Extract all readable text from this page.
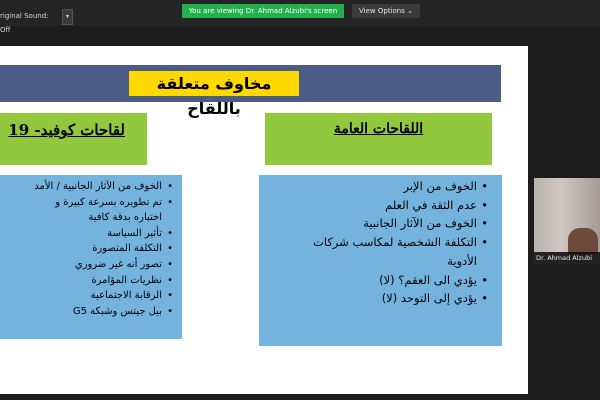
riginal Sound: Off
▾
You are viewing Dr. Ahmad Alzubi's screen	View Options ⌄
مخاوف متعلقة باللقاح
لقاحات كوفيد- 19	اللقاحات العامة
• الخوف من الآثار الجانبية / الأمد
• تم تطويره بسرعة كبيرة و
اختباره بدقة كافية
• تأثير السياسة
• التكلفة المتصورة
• تصور أنه غير ضروري
• نظريات المؤامرة
• الرقابة الاجتماعية
• بيل جيتس وشبكة G5
• الخوف من الإبر
• عدم الثقة في العلم
• الخوف من الآثار الجانبية
• التكلفة الشخصية لمكاسب شركات
الأدوية
• يؤدي الى العقم؟ (لا)
• يؤدي إلى التوحد (لا)
Dr. Ahmad Alzubi
